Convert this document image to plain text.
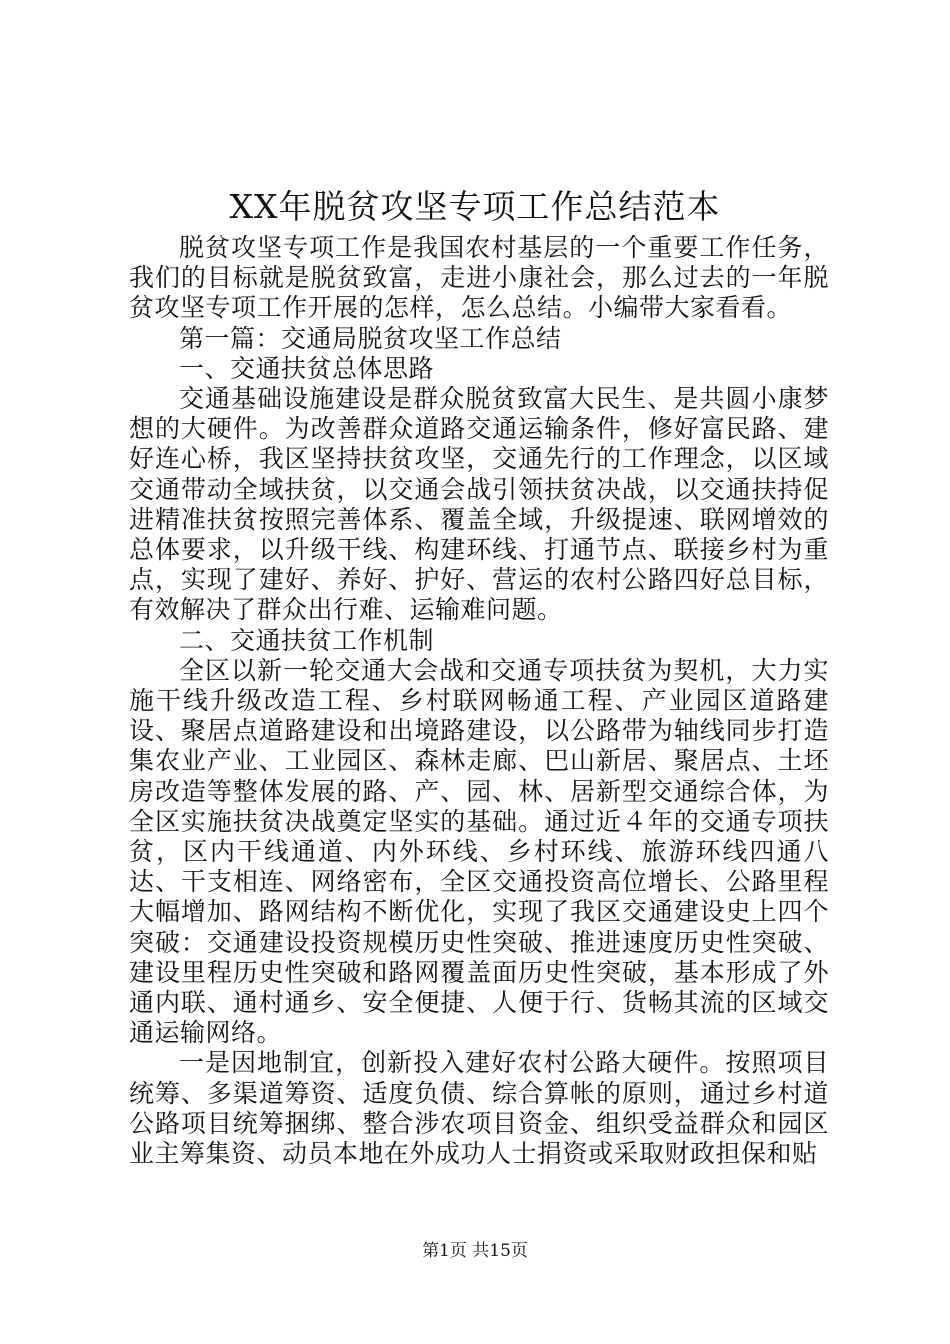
XX年脱贫攻坚专项工作总结范本

脱贫攻坚专项工作是我国农村基层的一个重要工作任务，我们的目标就是脱贫致富，走进小康社会，那么过去的一年脱贫攻坚专项工作开展的怎样，怎么总结。小编带大家看看。

第一篇：交通局脱贫攻坚工作总结

一、交通扶贫总体思路

交通基础设施建设是群众脱贫致富大民生、是共圆小康梦想的大硬件。为改善群众道路交通运输条件，修好富民路、建好连心桥，我区坚持扶贫攻坚，交通先行的工作理念，以区域交通带动全域扶贫，以交通会战引领扶贫决战，以交通扶持促进精准扶贫按照完善体系、覆盖全域，升级提速、联网增效的总体要求，以升级干线、构建环线、打通节点、联接乡村为重点，实现了建好、养好、护好、营运的农村公路四好总目标，有效解决了群众出行难、运输难问题。

二、交通扶贫工作机制

全区以新一轮交通大会战和交通专项扶贫为契机，大力实施干线升级改造工程、乡村联网畅通工程、产业园区道路建设、聚居点道路建设和出境路建设，以公路带为轴线同步打造集农业产业、工业园区、森林走廊、巴山新居、聚居点、土坯房改造等整体发展的路、产、园、林、居新型交通综合体，为全区实施扶贫决战奠定坚实的基础。通过近４年的交通专项扶贫，区内干线通道、内外环线、乡村环线、旅游环线四通八达、干支相连、网络密布，全区交通投资高位增长、公路里程大幅增加、路网结构不断优化，实现了我区交通建设史上四个突破：交通建设投资规模历史性突破、推进速度历史性突破、建设里程历史性突破和路网覆盖面历史性突破，基本形成了外通内联、通村通乡、安全便捷、人便于行、货畅其流的区域交通运输网络。

一是因地制宜，创新投入建好农村公路大硬件。按照项目统筹、多渠道筹资、适度负债、综合算帐的原则，通过乡村道公路项目统筹捆绑、整合涉农项目资金、组织受益群众和园区业主筹集资、动员本地在外成功人士捐资或采取财政担保和贴

第1页 共15页
